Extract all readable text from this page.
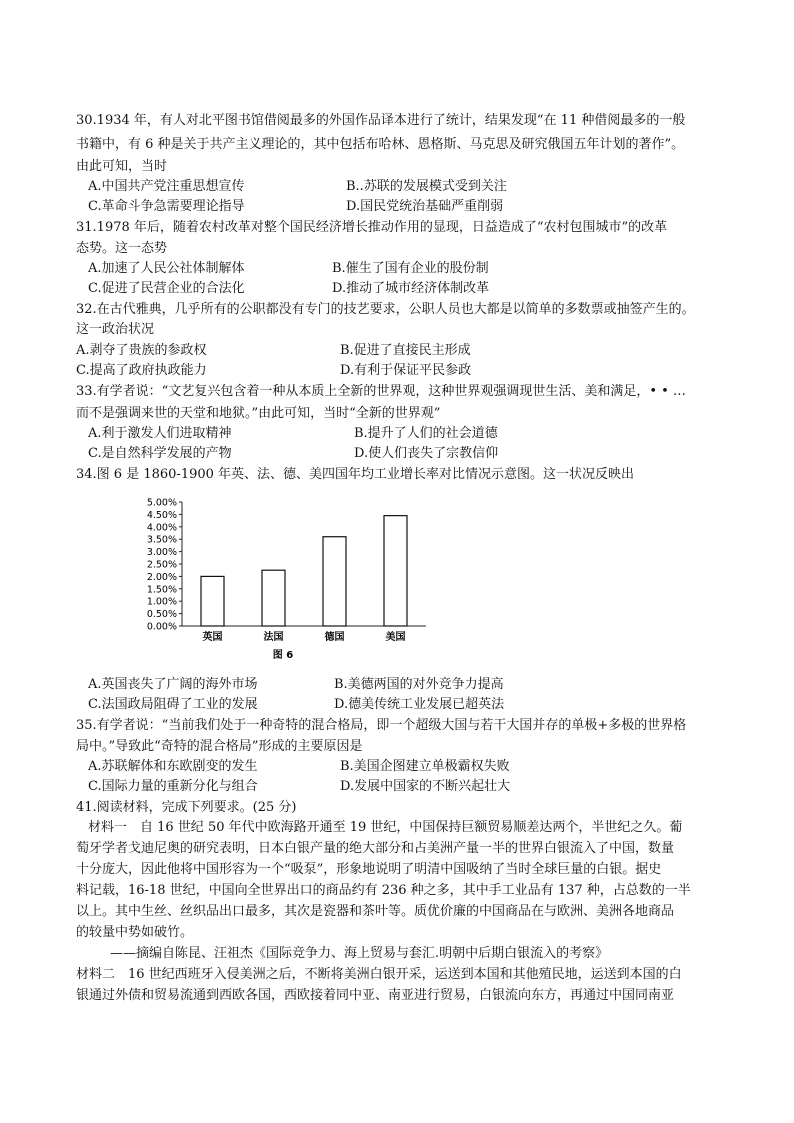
30.1934 年，有人对北平图书馆借阅最多的外国作品译本进行了统计，结果发现“在 11 种借阅最多的一般
书籍中，有 6 种是关于共产主义理论的，其中包括布哈林、恩格斯、马克思及研究俄国五年计划的著作”。
由此可知，当时
A.中国共产党注重思想宣传	B..苏联的发展模式受到关注
C.革命斗争急需要理论指导	D.国民党统治基础严重削弱
31.1978 年后，随着农村改革对整个国民经济增长推动作用的显现，日益造成了“农村包围城市”的改革
态势。这一态势
A.加速了人民公社体制解体	B.催生了国有企业的股份制
C.促进了民营企业的合法化	D.推动了城市经济体制改革
32.在古代雅典，几乎所有的公职都没有专门的技艺要求，公职人员也大都是以简单的多数票或抽签产生的。
这一政治状况
A.剥夺了贵族的参政权	B.促进了直接民主形成
C.提高了政府执政能力	D.有利于保证平民参政
33.有学者说：“文艺复兴包含着一种从本质上全新的世界观，这种世界观强调现世生活、美和满足，• • …
而不是强调来世的天堂和地狱。”由此可知，当时“全新的世界观”
A.利于激发人们进取精神	B.提升了人们的社会道德
C.是自然科学发展的产物	D.使人们丧失了宗教信仰
34.图 6 是 1860-1900 年英、法、德、美四国年均工业增长率对比情况示意图。这一状况反映出
0.00%
0.50%
1.00%
1.50%
2.00%
2.50%
3.00%
3.50%
4.00%
4.50%
5.00%
英国	法国	德国	美国
图 6
A.英国丧失了广阔的海外市场	B.美德两国的对外竞争力提高
C.法国政局阻碍了工业的发展	D.德美传统工业发展已超英法
35.有学者说：“当前我们处于一种奇特的混合格局，即一个超级大国与若干大国并存的单极+多极的世界格
局中。”导致此“奇特的混合格局”形成的主要原因是
A.苏联解体和东欧剧变的发生	B.美国企图建立单极霸权失败
C.国际力量的重新分化与组合	D.发展中国家的不断兴起壮大
41.阅读材料，完成下列要求。(25 分)
材料一　自 16 世纪 50 年代中欧海路开通至 19 世纪，中国保持巨额贸易顺差达两个，半世纪之久。葡
萄牙学者戈迪尼奥的研究表明，日本白银产量的绝大部分和占美洲产量一半的世界白银流入了中国，数量
十分庞大，因此他将中国形容为一个“吸泵”，形象地说明了明清中国吸纳了当时全球巨量的白银。据史
料记载，16-18 世纪，中国向全世界出口的商品约有 236 种之多，其中手工业品有 137 种，占总数的一半
以上。其中生丝、丝织品出口最多，其次是瓷器和茶叶等。质优价廉的中国商品在与欧洲、美洲各地商品
的较量中势如破竹。
——摘编自陈昆、汪祖杰《国际竞争力、海上贸易与套汇.明朝中后期白银流入的考察》
材料二　16 世纪西班牙入侵美洲之后，不断将美洲白银开采，运送到本国和其他殖民地，运送到本国的白
银通过外债和贸易流通到西欧各国，西欧接着同中亚、南亚进行贸易，白银流向东方，再通过中国同南亚
